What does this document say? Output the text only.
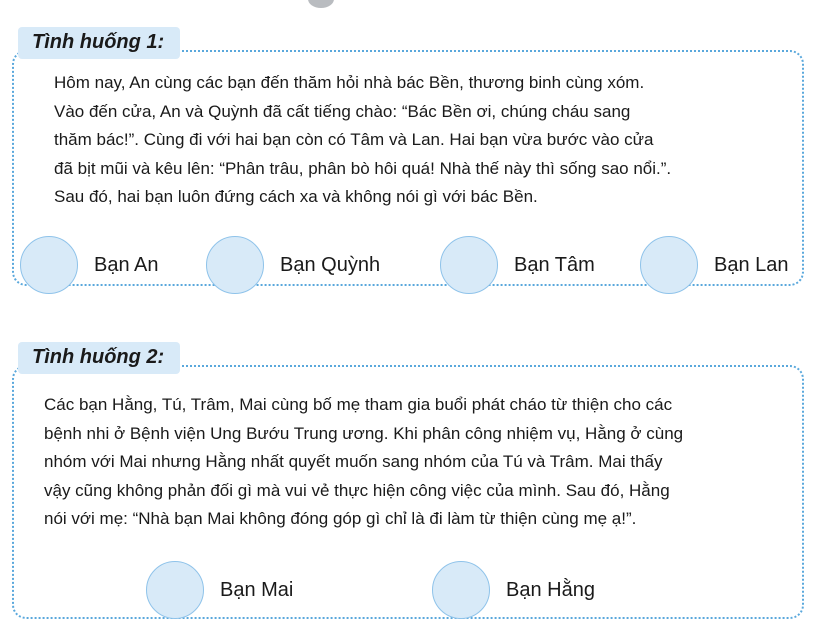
Tình huống 1:
Hôm nay, An cùng các bạn đến thăm hỏi nhà bác Bền, thương binh cùng xóm.
Vào đến cửa, An và Quỳnh đã cất tiếng chào: “Bác Bền ơi, chúng cháu sang
thăm bác!”. Cùng đi với hai bạn còn có Tâm và Lan. Hai bạn vừa bước vào cửa
đã bịt mũi và kêu lên: “Phân trâu, phân bò hôi quá! Nhà thế này thì sống sao nổi.”.
Sau đó, hai bạn luôn đứng cách xa và không nói gì với bác Bền.
Bạn An	Bạn Quỳnh	Bạn Tâm	Bạn Lan
Tình huống 2:
Các bạn Hằng, Tú, Trâm, Mai cùng bố mẹ tham gia buổi phát cháo từ thiện cho các
bệnh nhi ở Bệnh viện Ung Bướu Trung ương. Khi phân công nhiệm vụ, Hằng ở cùng
nhóm với Mai nhưng Hằng nhất quyết muốn sang nhóm của Tú và Trâm. Mai thấy
vậy cũng không phản đối gì mà vui vẻ thực hiện công việc của mình. Sau đó, Hằng
nói với mẹ: “Nhà bạn Mai không đóng góp gì chỉ là đi làm từ thiện cùng mẹ ạ!”.
Bạn Mai	Bạn Hằng
